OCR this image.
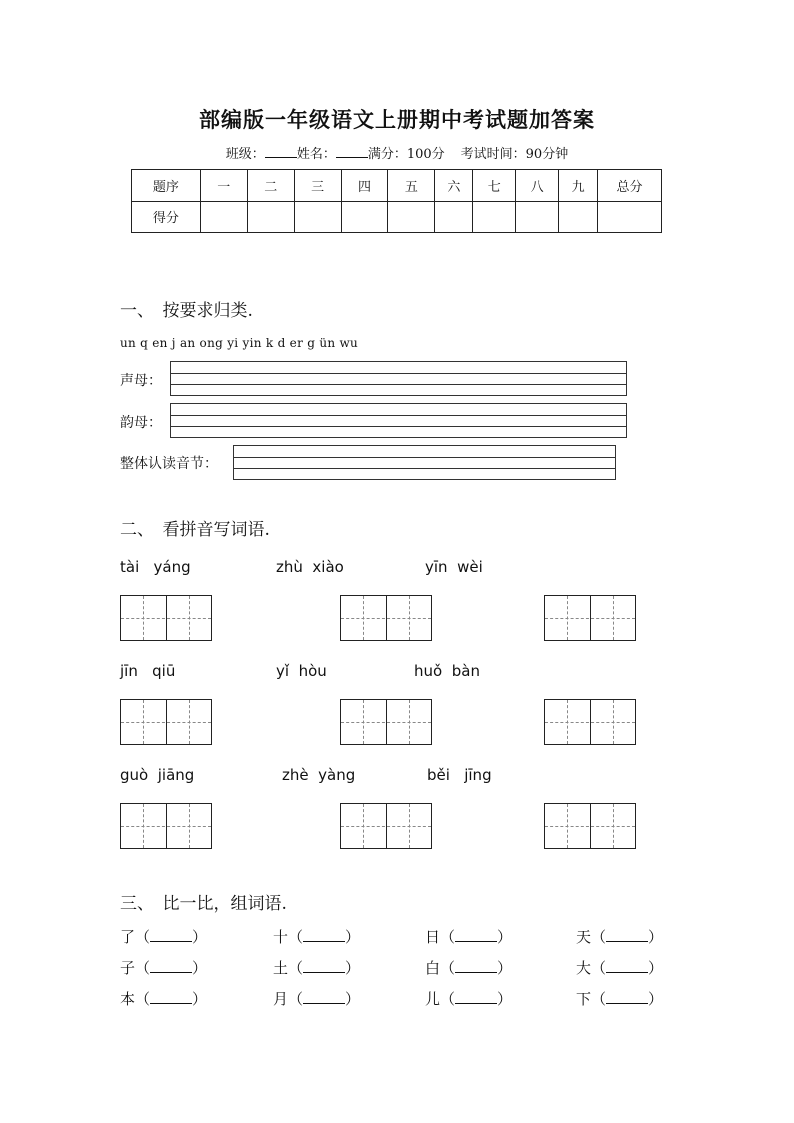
部编版一年级语文上册期中考试题加答案
班级： 姓名： 满分：100分 考试时间：90分钟
题序	一	二	三	四	五	六	七	八	九	总分
得分										
一、　按要求归类.
un q en j an ong yi yin k d er g ün wu
声母：
韵母：
整体认读音节：
二、　看拼音写词语.
tài   yáng	zhù  xiào	yīn  wèi
jīn   qiū	yǐ  hòu	huǒ  bàn
guò  jiāng	zhè  yàng	běi   jīng
三、　比一比，组词语.
了（	）	十（	）	日（	）	天（	）
子（	）	土（	）	白（	）	大（	）
本（	）	月（	）	儿（	）	下（	）
